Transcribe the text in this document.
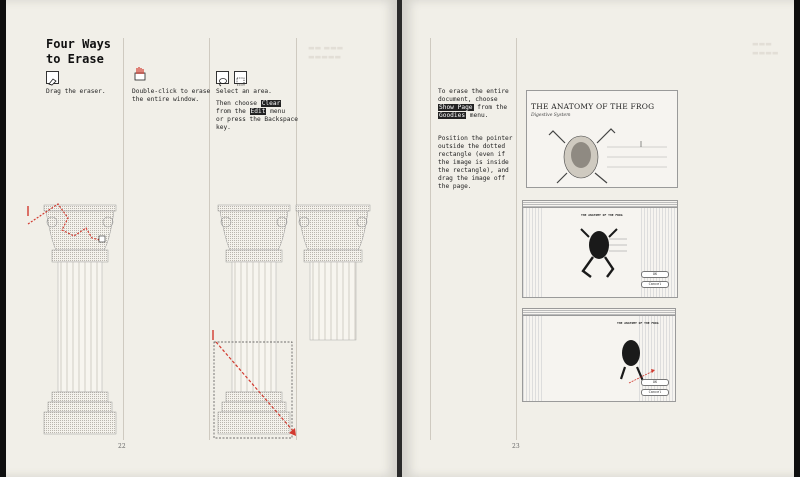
▬▬ ▬▬▬
▬▬▬▬▬
Four Ways
to Erase
Drag the eraser.	Double-click to erase
the entire window.
Select an area.
Then choose Clear
from the Edit menu
or press the Backspace
key.
22
▬▬▬
▬▬▬▬
To erase the entire
document, choose
Show Page from the
Goodies menu.
Position the pointer
outside the dotted
rectangle (even if
the image is inside
the rectangle), and
drag the image off
the page.
THE ANATOMY OF THE FROG
Digestive System
THE ANATOMY OF THE FROG
OK
Cancel
THE ANATOMY OF THE FROG
OK
Cancel
23
